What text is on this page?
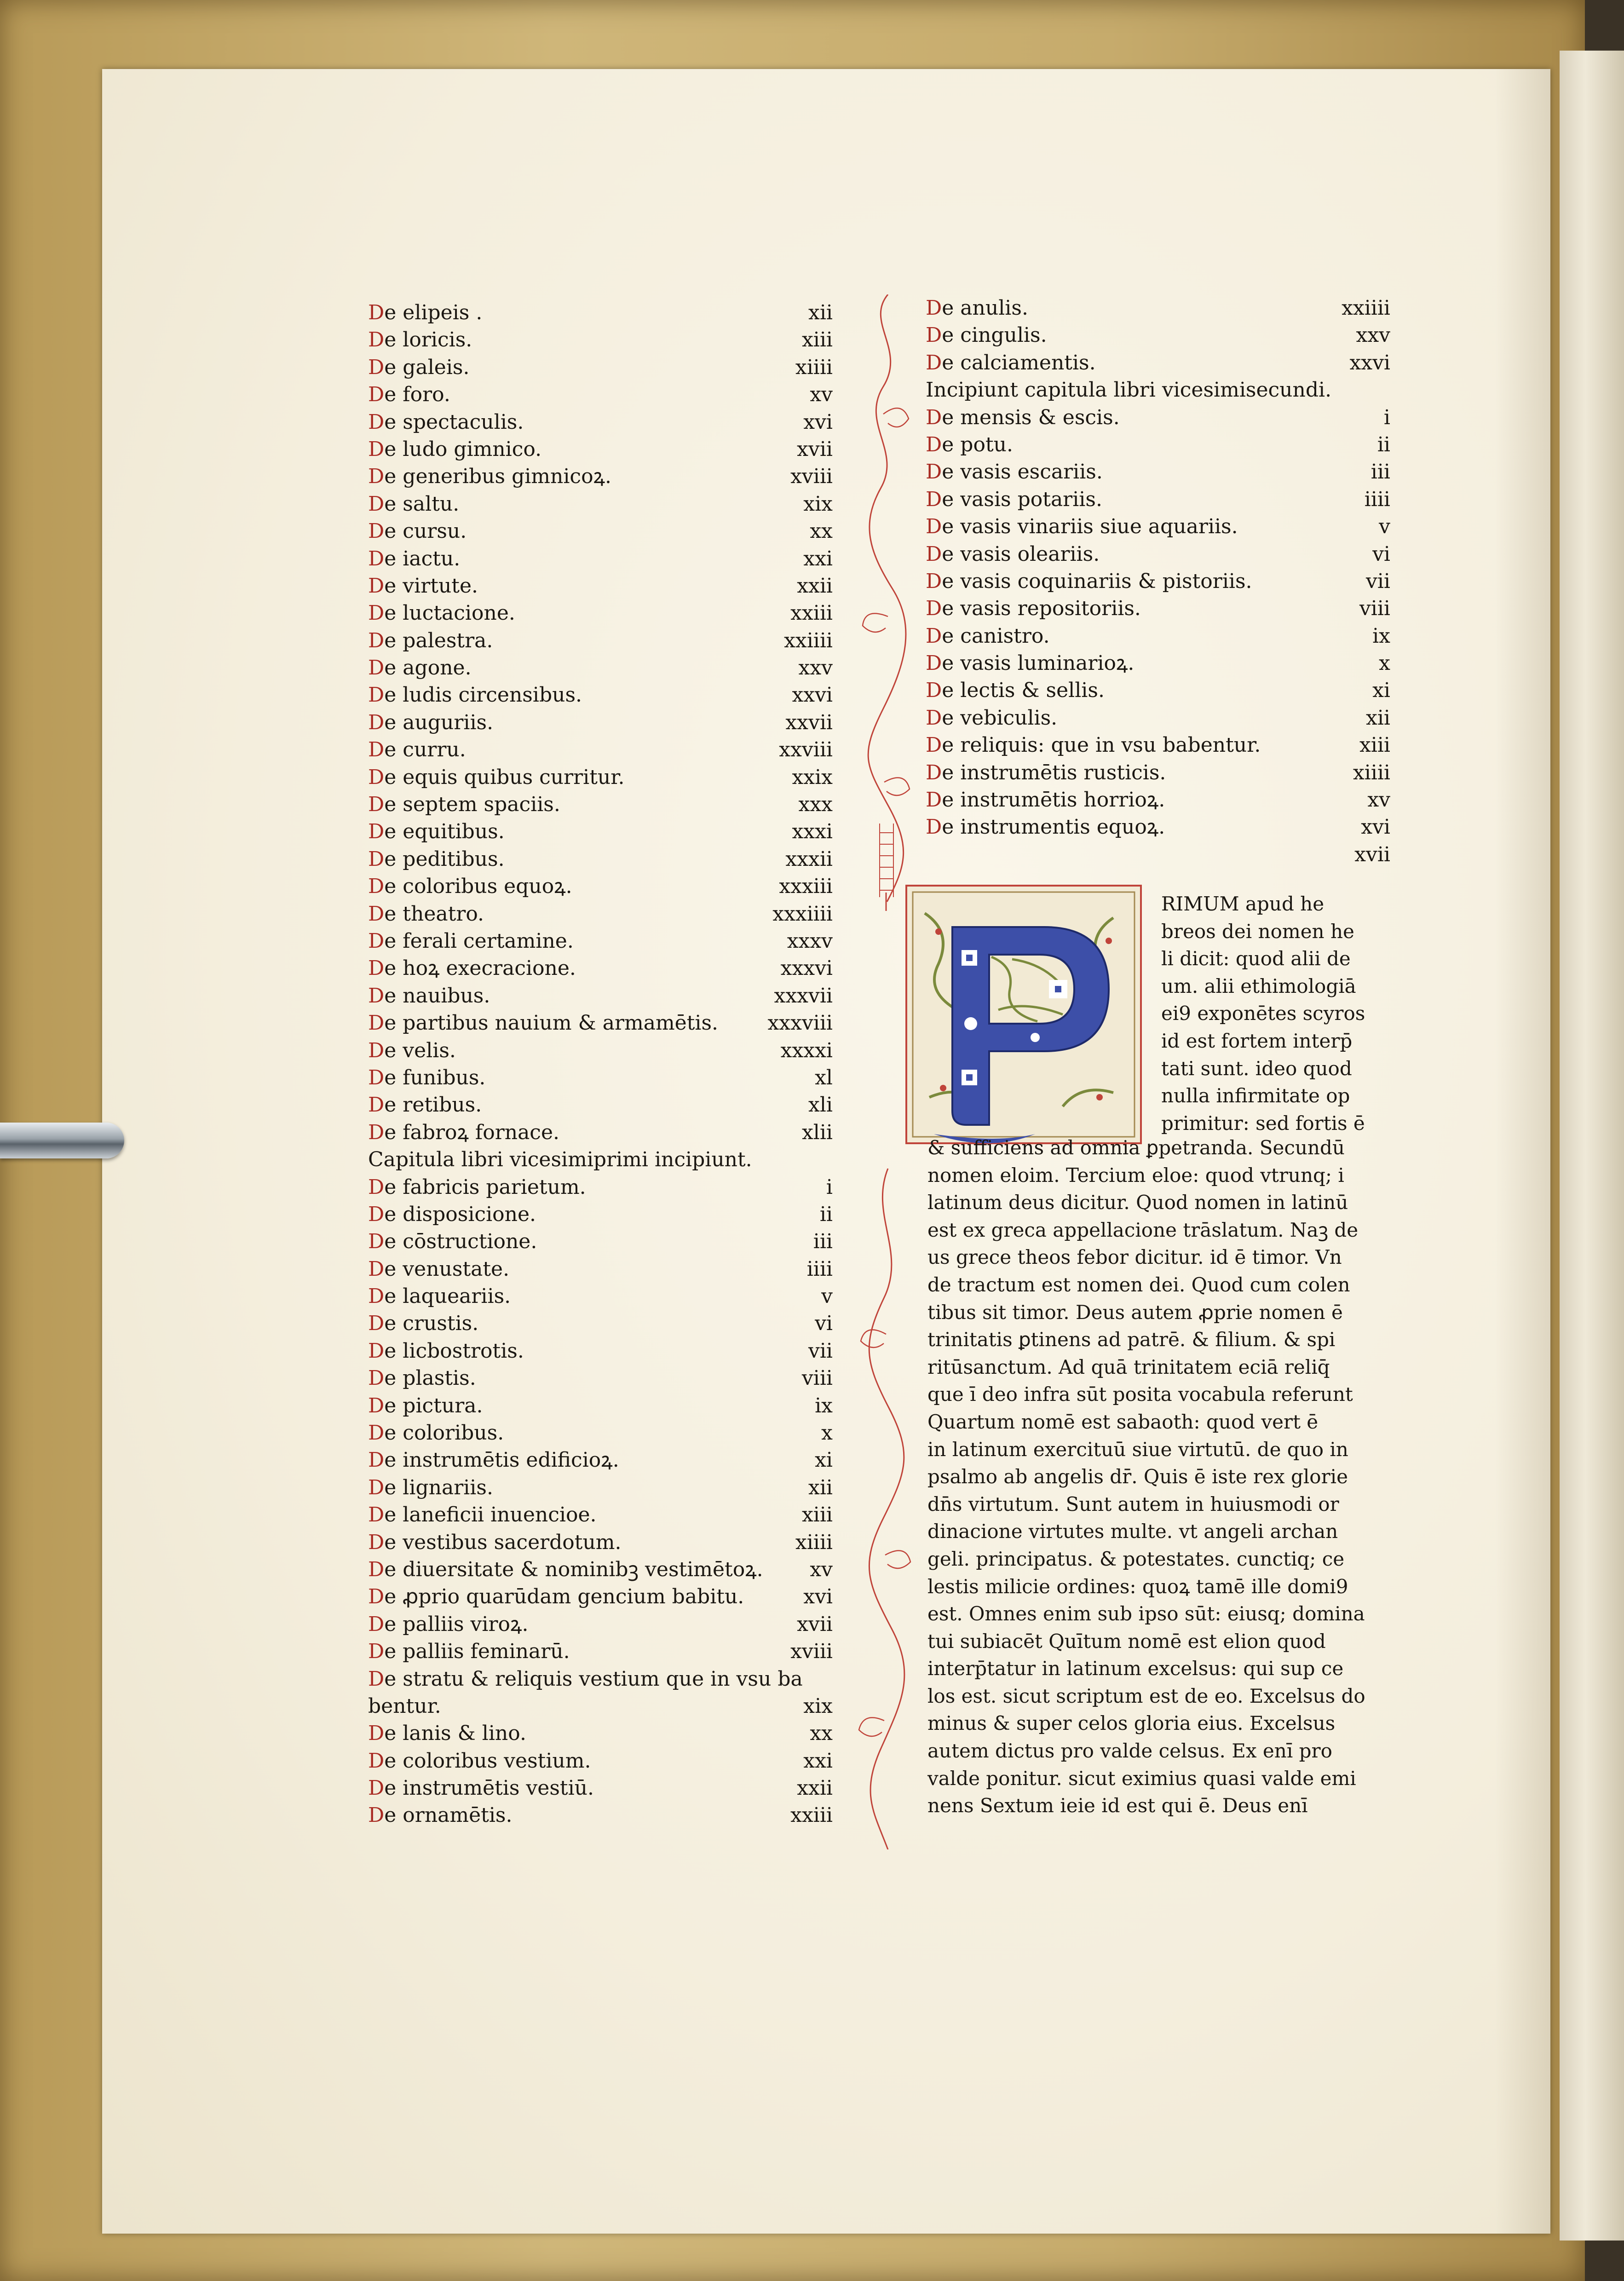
De elipeis .	xii
De loricis.	xiii
De galeis.	xiiii
De foro.	xv
De spectaculis.	xvi
De ludo gimnico.	xvii
De generibus gimnicoꝝ.	xviii
De saltu.	xix
De cursu.	xx
De iactu.	xxi
De virtute.	xxii
De luctacione.	xxiii
De palestra.	xxiiii
De agone.	xxv
De ludis circensibus.	xxvi
De auguriis.	xxvii
De curru.	xxviii
De equis quibus curritur.	xxix
De septem spaciis.	xxx
De equitibus.	xxxi
De peditibus.	xxxii
De coloribus equoꝝ.	xxxiii
De theatro.	xxxiiii
De ferali certamine.	xxxv
De hoꝝ execracione.	xxxvi
De nauibus.	xxxvii
De partibus nauium & armamētis. xxxviii
De velis.	xxxxi
De funibus.	xl
De retibus.	xli
De fabroꝝ fornace.	xlii
Capitula libri vicesimiprimi incipiunt.
De fabricis parietum.	i
De disposicione.	ii
De cōstructione.	iii
De venustate.	iiii
De laqueariis.	v
De crustis.	vi
De licbostrotis.	vii
De plastis.	viii
De pictura.	ix
De coloribus.	x
De instrumētis edificioꝝ.	xi
De lignariis.	xii
De laneficii inuencioe.	xiii
De vestibus sacerdotum.	xiiii
De diuersitate & nominibꝫ vestimētoꝝ. xv
De ꝓprio quarūdam gencium babitu.	xvi
De palliis viroꝝ.	xvii
De palliis feminarū.	xviii
De stratu & reliquis vestium que in vsu ba
bentur.	xix
De lanis & lino.	xx
De coloribus vestium.	xxi
De instrumētis vestiū.	xxii
De ornamētis.	xxiii
De anulis.	xxiiii
De cingulis.	xxv
De calciamentis.	xxvi
Incipiunt capitula libri vicesimisecundi.
De mensis & escis.	i
De potu.	ii
De vasis escariis.	iii
De vasis potariis.	iiii
De vasis vinariis siue aquariis.	v
De vasis oleariis.	vi
De vasis coquinariis & pistoriis.	vii
De vasis repositoriis.	viii
De canistro.	ix
De vasis luminarioꝝ.	x
De lectis & sellis.	xi
De vebiculis.	xii
De reliquis: que in vsu babentur.	xiii
De instrumētis rusticis.	xiiii
De instrumētis horrioꝝ.	xv
De instrumentis equoꝝ.	xvi
xvii
RIMUM apud he
breos dei nomen he
li dicit: quod alii de
um. alii ethimologiā
ei9 exponētes scyros
id est fortem interp̄
tati sunt. ideo quod
nulla infirmitate op
primitur: sed fortis ē
& sufficiens ad omnia ꝑpetranda. Secundū
nomen eloim. Tercium eloe: quod vtrunq; i
latinum deus dicitur. Quod nomen in latinū
est ex greca appellacione trāslatum. Naꝫ de
us grece theos febor dicitur. id ē timor. Vn
de tractum est nomen dei. Quod cum colen
tibus sit timor. Deus autem ꝓprie nomen ē
trinitatis ꝑtinens ad patrē. & filium. & spi
ritūsanctum. Ad quā trinitatem eciā reliq̄
que ī deo infra sūt posita vocabula referunt
Quartum nomē est sabaoth: quod vert ē
in latinum exercituū siue virtutū. de quo in
psalmo ab angelis dr̄. Quis ē iste rex glorie
dn̄s virtutum. Sunt autem in huiusmodi or
dinacione virtutes multe. vt angeli archan
geli. principatus. & potestates. cunctiq; ce
lestis milicie ordines: quoꝝ tamē ille domi9
est. Omnes enim sub ipso sūt: eiusq; domina
tui subiacēt Quītum nomē est elion quod
interp̄tatur in latinum excelsus: qui sup ce
los est. sicut scriptum est de eo. Excelsus do
minus & super celos gloria eius. Excelsus
autem dictus pro valde celsus. Ex enī pro
valde ponitur. sicut eximius quasi valde emi
nens Sextum ieie id est qui ē. Deus enī
